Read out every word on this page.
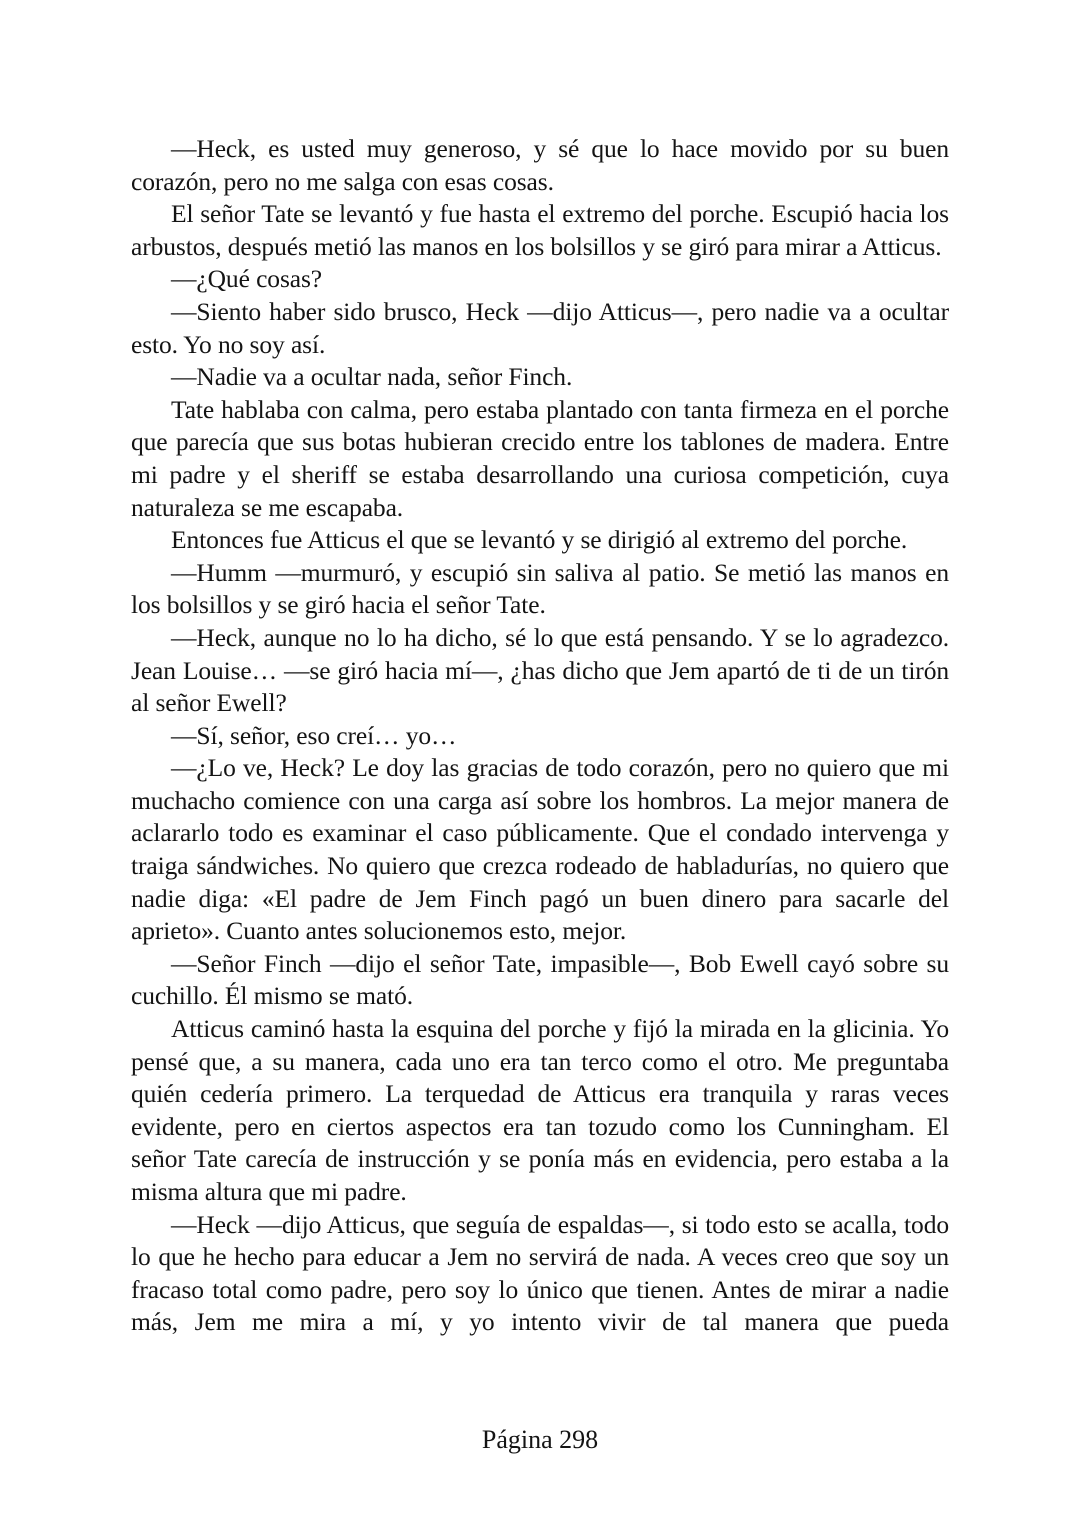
—Heck, es usted muy generoso, y sé que lo hace movido por su buen corazón, pero no me salga con esas cosas.

El señor Tate se levantó y fue hasta el extremo del porche. Escupió hacia los arbustos, después metió las manos en los bolsillos y se giró para mirar a Atticus.

—¿Qué cosas?

—Siento haber sido brusco, Heck —dijo Atticus—, pero nadie va a ocultar esto. Yo no soy así.

—Nadie va a ocultar nada, señor Finch.

Tate hablaba con calma, pero estaba plantado con tanta firmeza en el porche que parecía que sus botas hubieran crecido entre los tablones de madera. Entre mi padre y el sheriff se estaba desarrollando una curiosa competición, cuya naturaleza se me escapaba.

Entonces fue Atticus el que se levantó y se dirigió al extremo del porche.

—Humm —murmuró, y escupió sin saliva al patio. Se metió las manos en los bolsillos y se giró hacia el señor Tate.

—Heck, aunque no lo ha dicho, sé lo que está pensando. Y se lo agradezco. Jean Louise… —se giró hacia mí—, ¿has dicho que Jem apartó de ti de un tirón al señor Ewell?

—Sí, señor, eso creí… yo…

—¿Lo ve, Heck? Le doy las gracias de todo corazón, pero no quiero que mi muchacho comience con una carga así sobre los hombros. La mejor manera de aclararlo todo es examinar el caso públicamente. Que el condado intervenga y traiga sándwiches. No quiero que crezca rodeado de habladurías, no quiero que nadie diga: «El padre de Jem Finch pagó un buen dinero para sacarle del aprieto». Cuanto antes solucionemos esto, mejor.

—Señor Finch —dijo el señor Tate, impasible—, Bob Ewell cayó sobre su cuchillo. Él mismo se mató.

Atticus caminó hasta la esquina del porche y fijó la mirada en la glicinia. Yo pensé que, a su manera, cada uno era tan terco como el otro. Me preguntaba quién cedería primero. La terquedad de Atticus era tranquila y raras veces evidente, pero en ciertos aspectos era tan tozudo como los Cunningham. El señor Tate carecía de instrucción y se ponía más en evidencia, pero estaba a la misma altura que mi padre.

—Heck —dijo Atticus, que seguía de espaldas—, si todo esto se acalla, todo lo que he hecho para educar a Jem no servirá de nada. A veces creo que soy un fracaso total como padre, pero soy lo único que tienen. Antes de mirar a nadie más, Jem me mira a mí, y yo intento vivir de tal manera que pueda

Página 298
